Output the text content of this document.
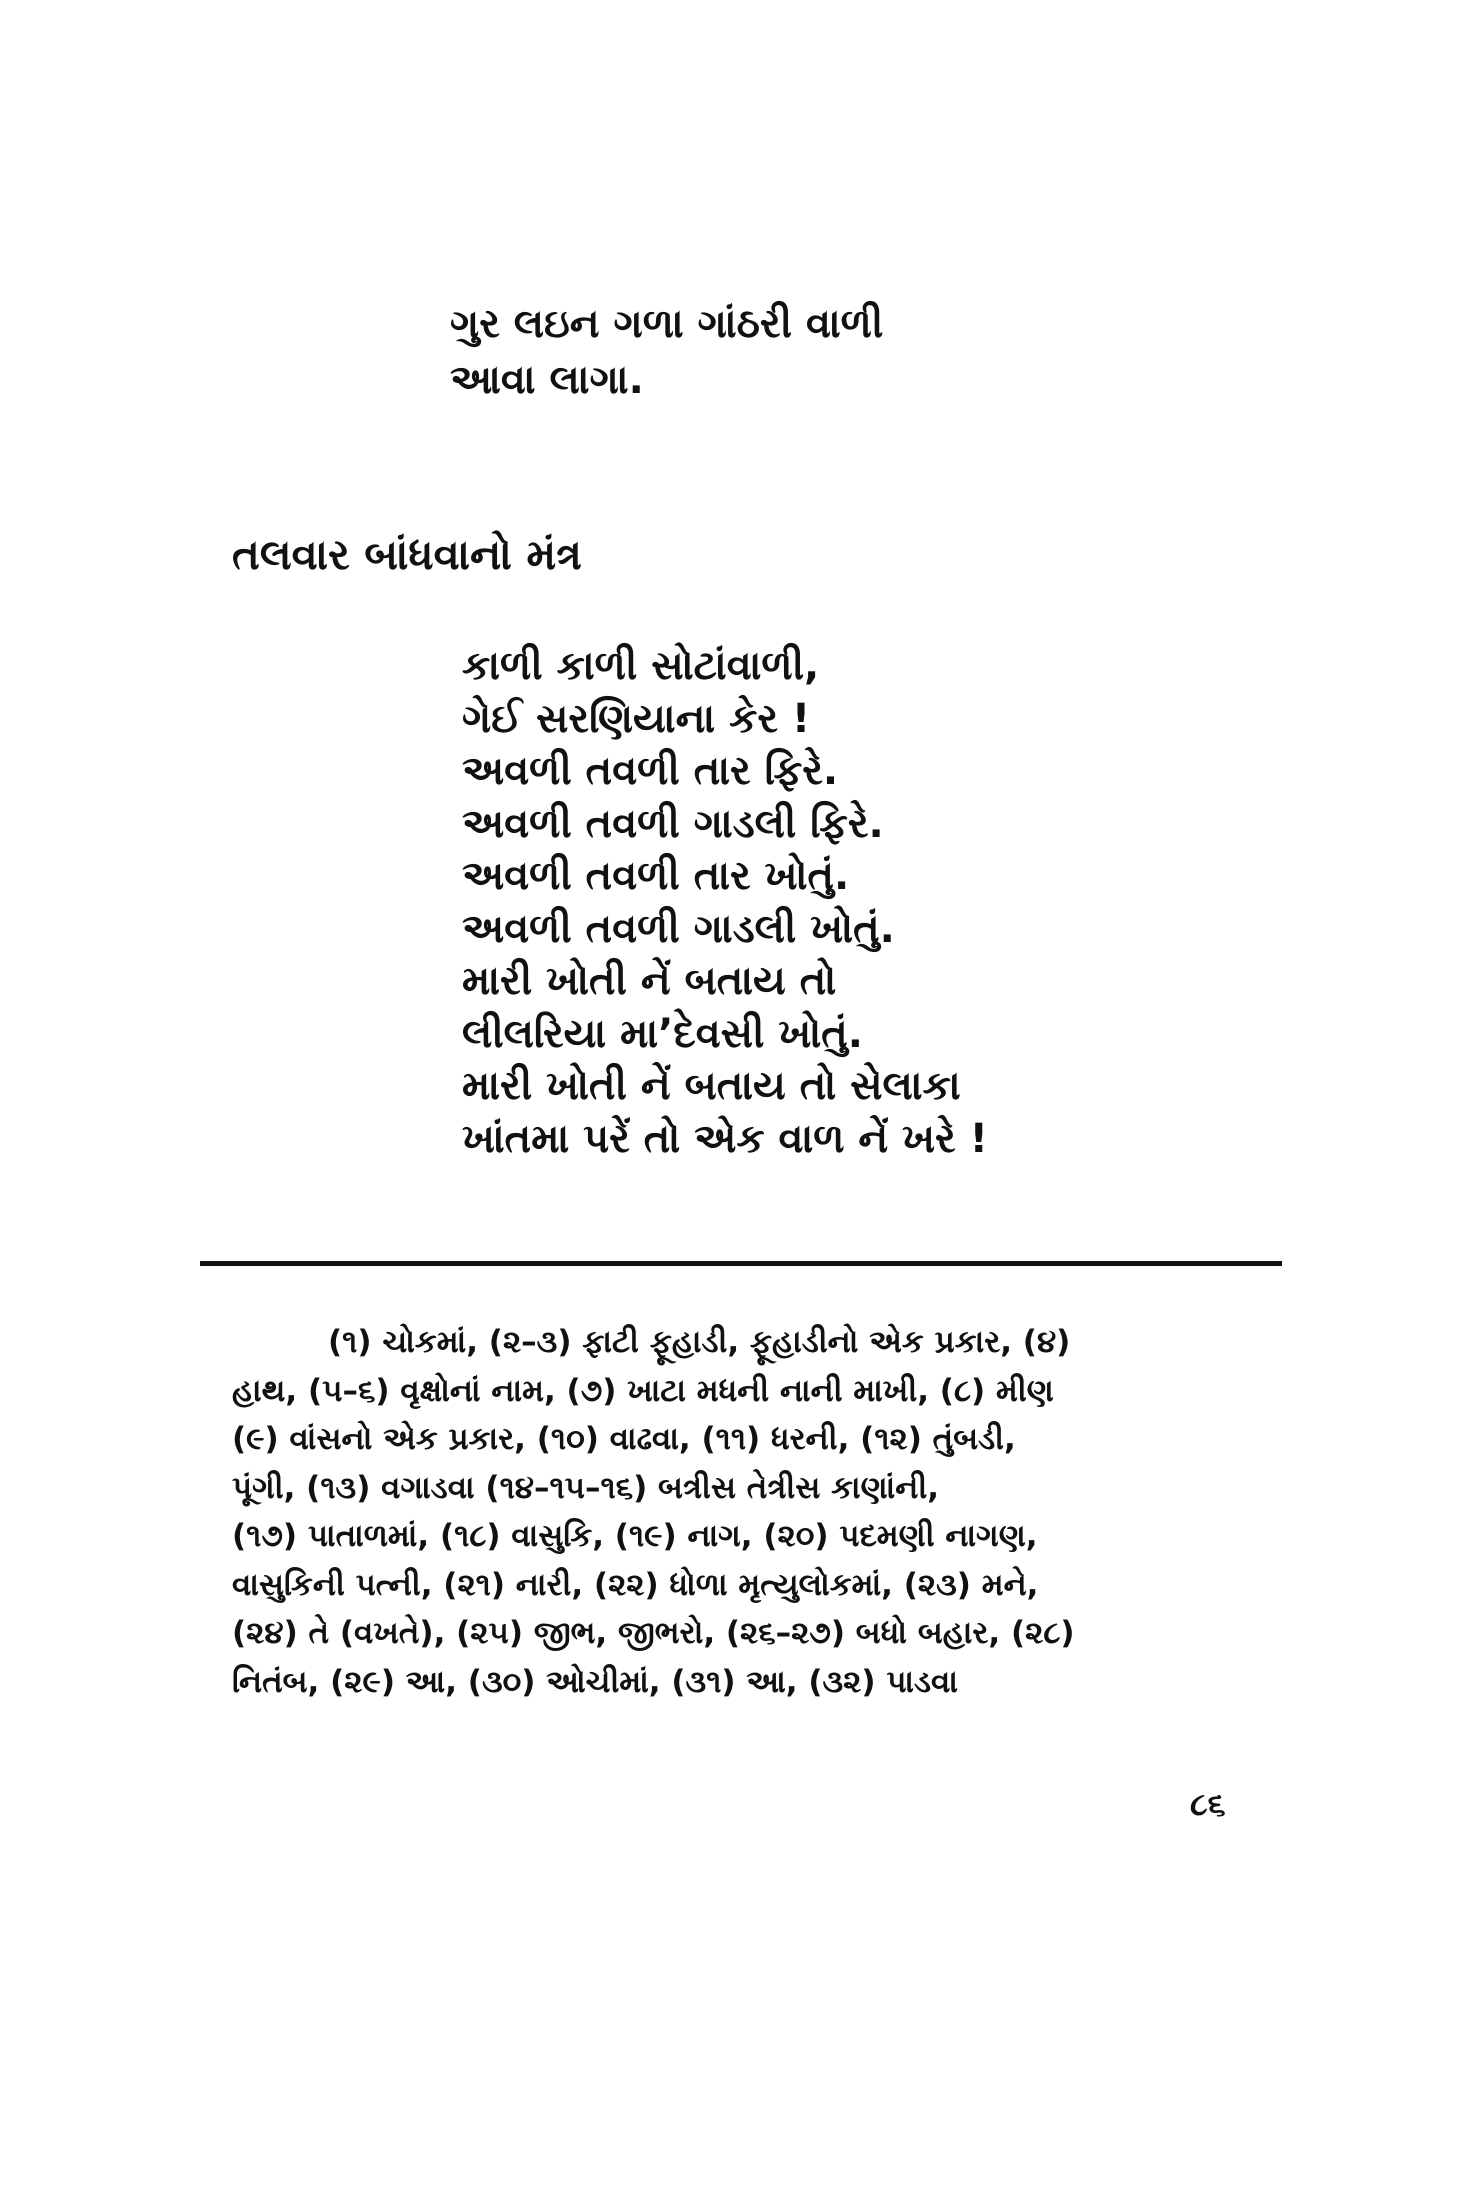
ગુર લઇન ગળા ગાંઠરી વાળી
આવા લાગા.
તલવાર બાંધવાનો મંત્ર
કાળી કાળી સોટાંવાળી,
ગેઈ સરણિયાના કેર !
અવળી તવળી તાર ફિરે.
અવળી તવળી ગાડલી ફિરે.
અવળી તવળી તાર ખોતું.
અવળી તવળી ગાડલી ખોતું.
મારી ખોતી નેં બતાય તો
લીલરિયા મા’દેવસી ખોતું.
મારી ખોતી નેં બતાય તો સેલાકા
ખાંતમા પરેં તો એક વાળ નેં ખરે !
(૧) ચોકમાં, (૨–૩) ફાટી ફૂહાડી, ફૂહાડીનો એક પ્રકાર, (૪)
હાથ, (૫–૬) વૃક્ષોનાં નામ, (૭) ખાટા મધની નાની માખી, (૮) મીણ
(૯) વાંસનો એક પ્રકાર, (૧૦) વાઢવા, (૧૧) ધરની, (૧૨) તુંબડી,
પૂંગી, (૧૩) વગાડવા (૧૪–૧૫–૧૬) બત્રીસ તેત્રીસ કાણાંની,
(૧૭) પાતાળમાં, (૧૮) વાસુકિ, (૧૯) નાગ, (૨૦) પદમણી નાગણ,
વાસુકિની પત્ની, (૨૧) નારી, (૨૨) ધોળા મૃત્યુલોકમાં, (૨૩) મને,
(૨૪) તે (વખતે), (૨૫) જીભ, જીભરો, (૨૬–૨૭) બધો બહાર, (૨૮)
નિતંબ, (૨૯) આ, (૩૦) ઓચીમાં, (૩૧) આ, (૩૨) પાડવા
૮૬
